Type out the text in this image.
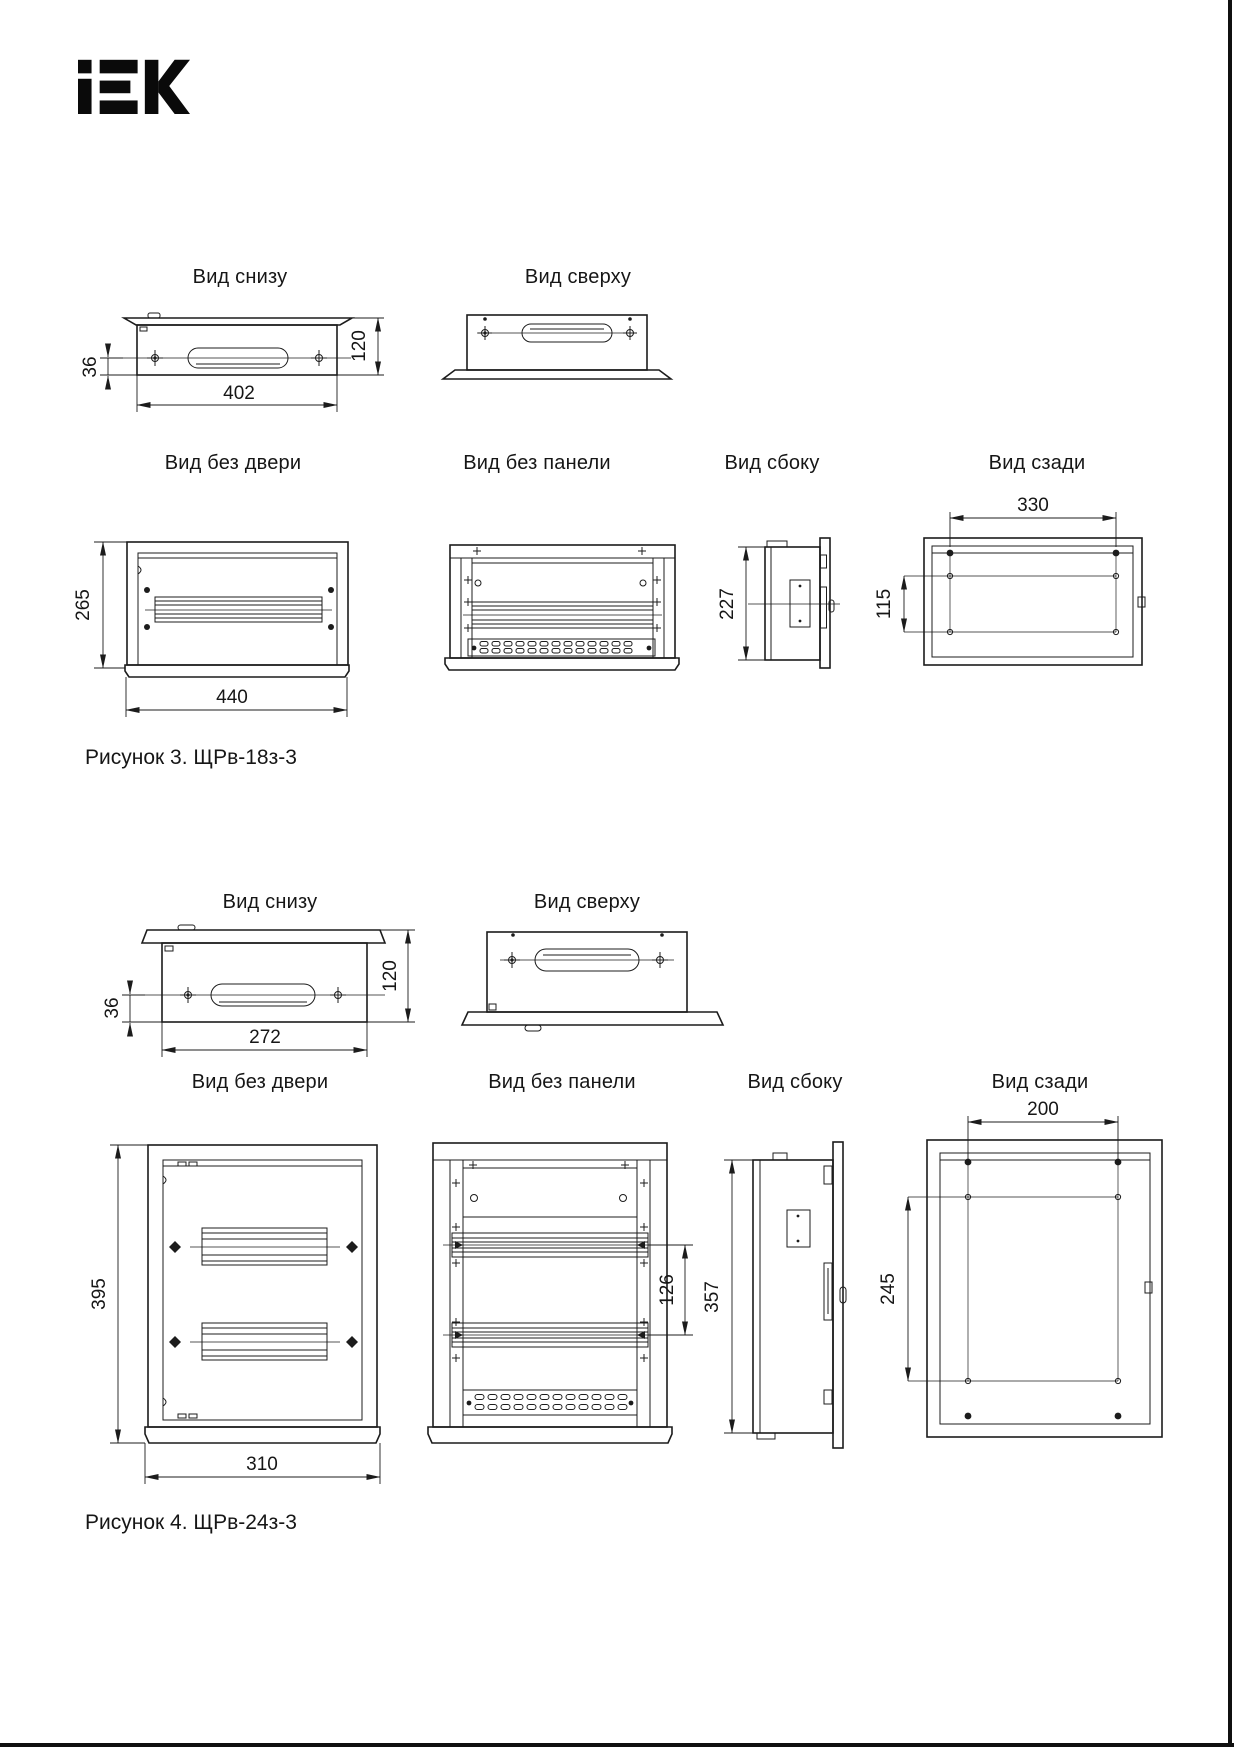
Вид снизу	Вид сверху
36
120
402
Вид без двери	Вид без панели	Вид сбоку	Вид сзади
265
440
227
330
115
Рисунок 3. ЩРв-18з-3
Вид снизу	Вид сверху
36
120
272
Вид без двери	Вид без панели	Вид сбоку	Вид сзади
395
310
126 357
200
245
Рисунок 4. ЩРв-24з-3
